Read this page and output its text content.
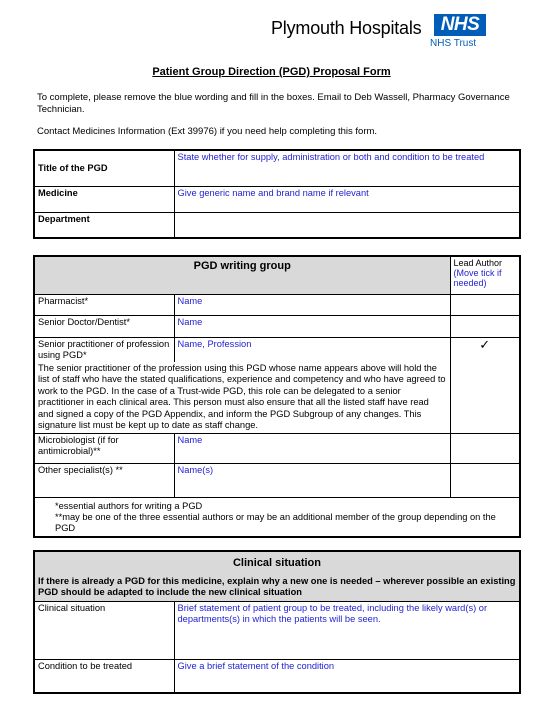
Plymouth Hospitals	NHS
NHS Trust
Patient Group Direction (PGD) Proposal Form
To complete, please remove the blue wording and fill in the boxes. Email to Deb Wassell, Pharmacy Governance Technician.
Contact Medicines Information (Ext 39976) if you need help completing this form.
Title of the PGD	State whether for supply, administration or both and condition to be treated
Medicine	Give generic name and brand name if relevant
Department	
PGD writing group		Lead Author
(Move tick if needed)
Pharmacist*	Name	
Senior Doctor/Dentist*	Name	
Senior practitioner of profession using PGD*	Name, Profession	✓
The senior practitioner of the profession using this PGD whose name appears above will hold the list of staff who have the stated qualifications, experience and competency and who have agreed to work to the PGD. In the case of a Trust-wide PGD, this role can be delegated to a senior practitioner in each clinical area. This person must also ensure that all the listed staff have read and signed a copy of the PGD Appendix, and inform the PGD Subgroup of any changes. This signature list must be kept up to date as staff change.		
Microbiologist (if for antimicrobial)**	Name	
Other specialist(s) **	Name(s)	

*essential authors for writing a PGD
**may be one of the three essential authors or may be an additional member of the group depending on the PGD		
Clinical situation	
If there is already a PGD for this medicine, explain why a new one is needed – wherever possible an existing PGD should be adapted to include the new clinical situation	
Clinical situation	Brief statement of patient group to be treated, including the likely ward(s) or departments(s) in which the patients will be seen.
Condition to be treated	Give a brief statement of the condition
